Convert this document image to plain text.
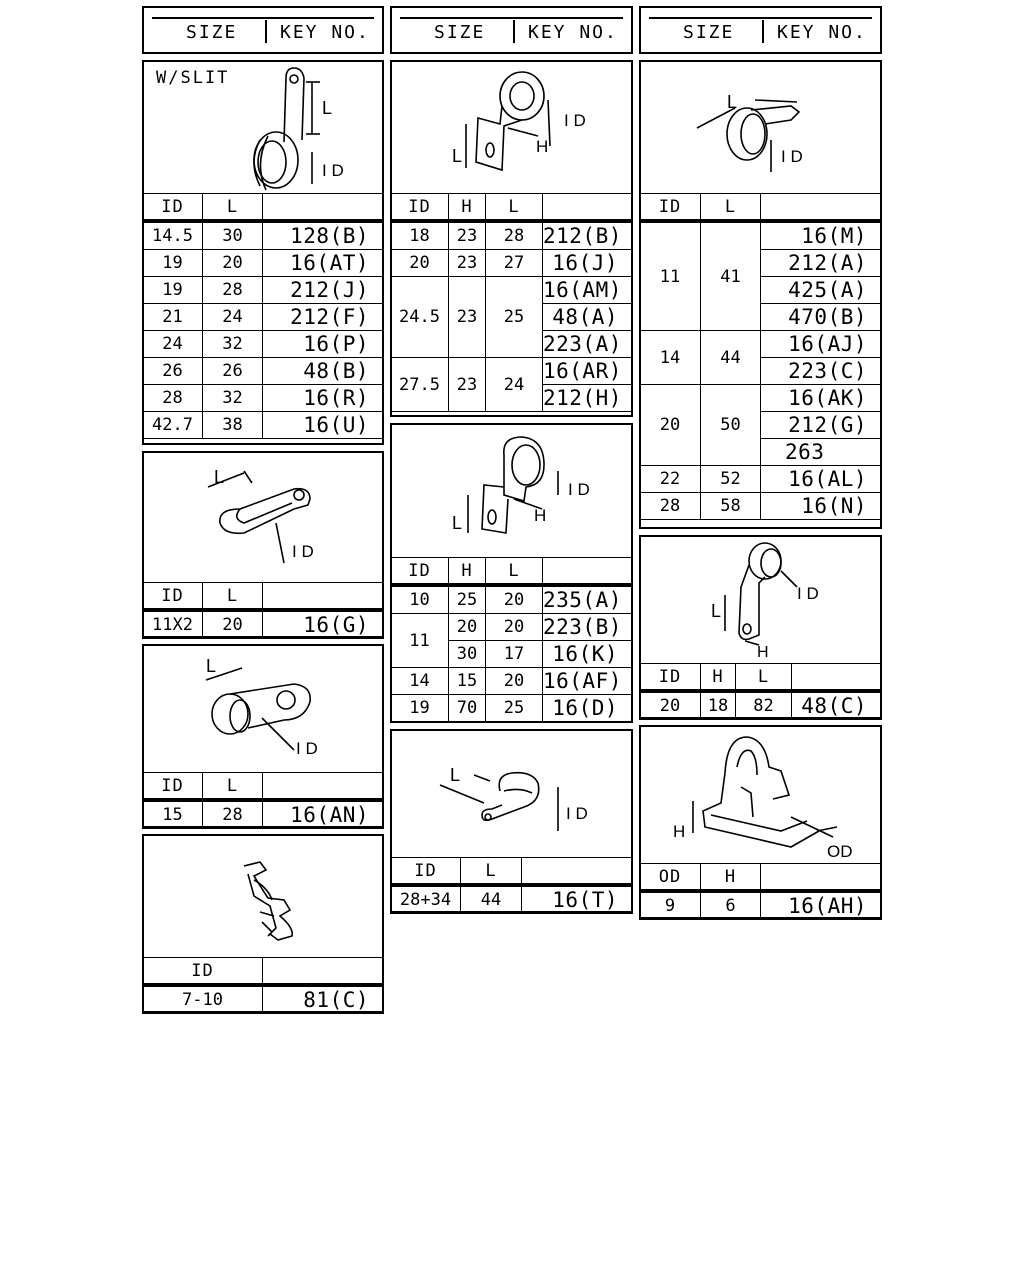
SIZE KEY NO.	SIZE KEY NO.	SIZE KEY NO.
W/SLIT
L
I D
ID	L	
14.5	30	128(B)
19	20	16(AT)
19	28	212(J)
21	24	212(F)
24	32	16(P)
26	26	48(B)
28	32	16(R)
42.7	38	16(U)
L
I D
ID	L	
11X2	20	16(G)
L
I D
ID	L	
15	28	16(AN)
ID	
7-10	81(C)
L
I D
H
ID	H	L	
18	23	28	212(B)
20	23	27	16(J)
24.5	23	25	16(AM)
			48(A)
			223(A)
27.5	23	24	16(AR)
			212(H)
L
I D
H
ID	H	L	
10	25	20	235(A)
11	20	20	223(B)
	30	17	16(K)
14	15	20	16(AF)
19	70	25	16(D)
L
I D
ID	L	
28+34	44	16(T)
L
I D
ID	L	
11	41	16(M)
		212(A)
		425(A)
		470(B)
14	44	16(AJ)
		223(C)
20	50	16(AK)
		212(G)
		263
22	52	16(AL)
28	58	16(N)
L
I D
H
ID	H	L	
20	18	82	48(C)
H
OD
OD	H	
9	6	16(AH)
